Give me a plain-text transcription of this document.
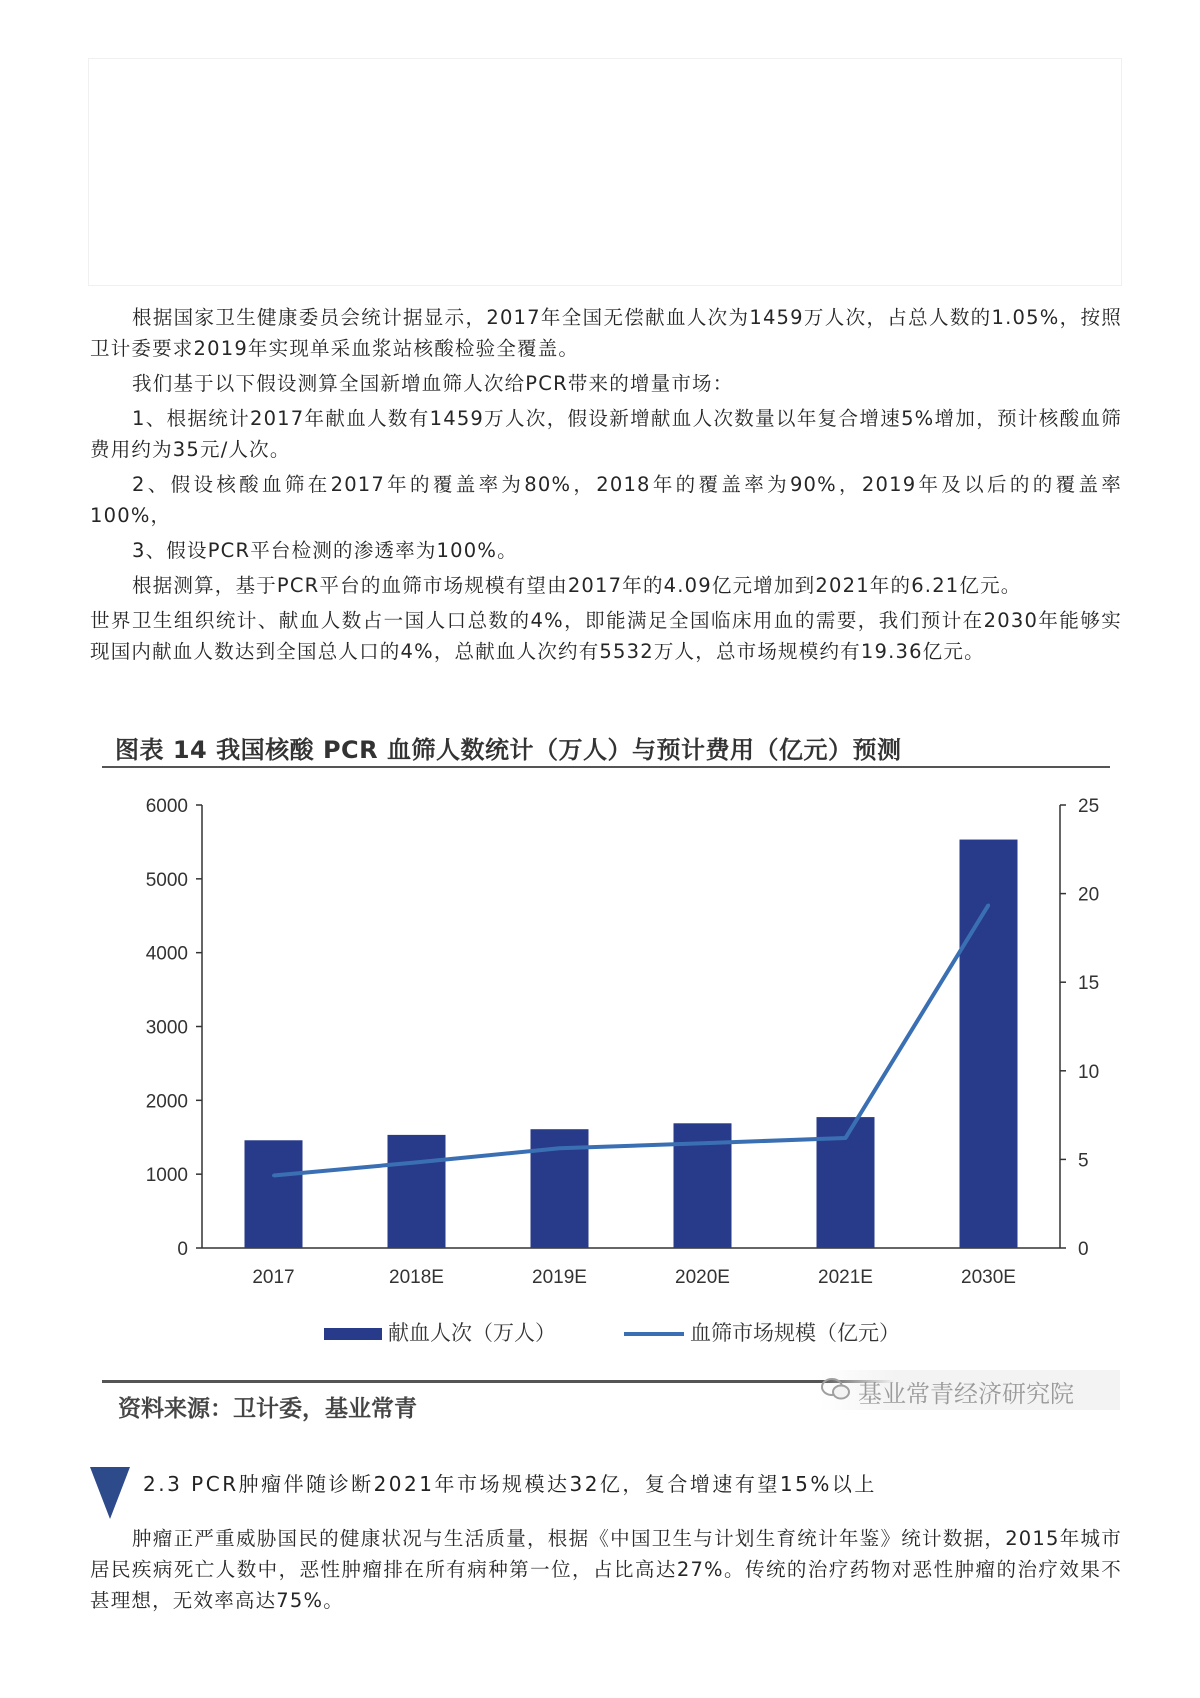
根据国家卫生健康委员会统计据显示，2017年全国无偿献血人次为1459万人次，占总人数的1.05%，按照卫计委要求2019年实现单采血浆站核酸检验全覆盖。

我们基于以下假设测算全国新增血筛人次给PCR带来的增量市场：

1、根据统计2017年献血人数有1459万人次，假设新增献血人次数量以年复合增速5%增加，预计核酸血筛费用约为35元/人次。

2、假设核酸血筛在2017年的覆盖率为80%，2018年的覆盖率为90%，2019年及以后的的覆盖率100%，

3、假设PCR平台检测的渗透率为100%。

根据测算，基于PCR平台的血筛市场规模有望由2017年的4.09亿元增加到2021年的6.21亿元。

世界卫生组织统计、献血人数占一国人口总数的4%，即能满足全国临床用血的需要，我们预计在2030年能够实现国内献血人数达到全国总人口的4%，总献血人次约有5532万人，总市场规模约有19.36亿元。

图表 14 我国核酸 PCR 血筛人数统计（万人）与预计费用（亿元）预测
0
1000
2000
3000
4000
5000
6000
0
5
10
15
20
25
2017	2018E	2019E	2020E	2021E	2030E
献血人次（万人）	血筛市场规模（亿元）
资料来源：卫计委，基业常青
基业常青经济研究院
2.3 PCR肿瘤伴随诊断2021年市场规模达32亿，复合增速有望15%以上

肿瘤正严重威胁国民的健康状况与生活质量，根据《中国卫生与计划生育统计年鉴》统计数据，2015年城市居民疾病死亡人数中，恶性肿瘤排在所有病种第一位，占比高达27%。传统的治疗药物对恶性肿瘤的治疗效果不甚理想，无效率高达75%。
